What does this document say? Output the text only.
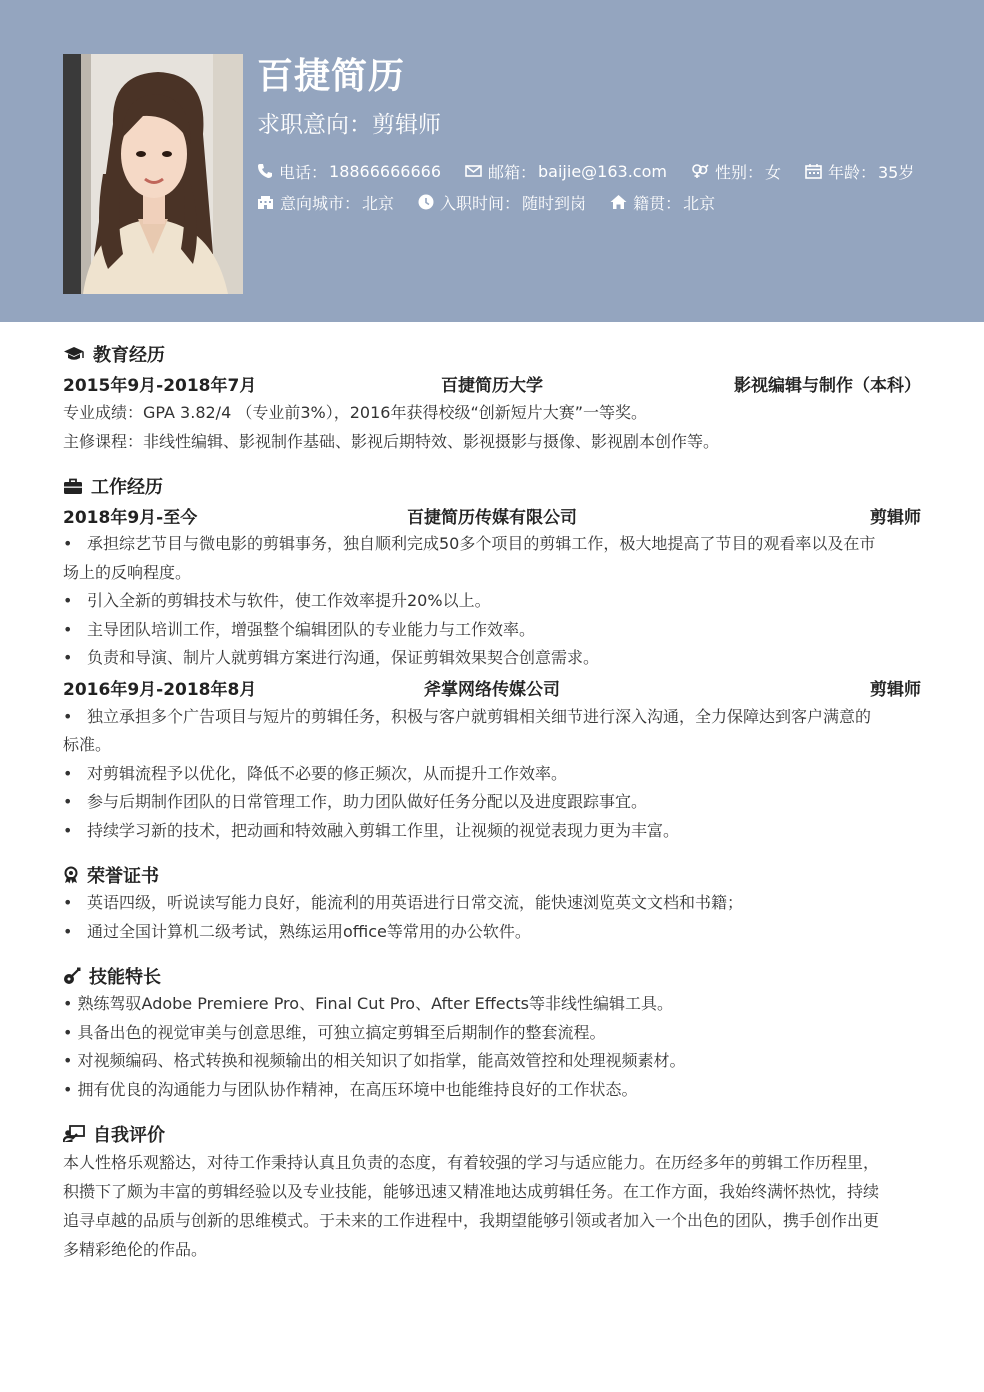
百捷简历
求职意向：剪辑师
电话： 18866666666	邮箱： baijie@163.com	性别： 女	年龄： 35岁
意向城市： 北京	入职时间： 随时到岗	籍贯： 北京
教育经历
2015年9月-2018年7月	百捷简历大学	影视编辑与制作（本科）
专业成绩：GPA 3.82/4 （专业前3%），2016年获得校级“创新短片大赛”一等奖。
主修课程：非线性编辑、影视制作基础、影视后期特效、影视摄影与摄像、影视剧本创作等。
工作经历
2018年9月-至今	百捷简历传媒有限公司	剪辑师
• 承担综艺节目与微电影的剪辑事务，独自顺利完成50多个项目的剪辑工作，极大地提高了节目的观看率以及在市
场上的反响程度。
• 引入全新的剪辑技术与软件，使工作效率提升20%以上。
• 主导团队培训工作，增强整个编辑团队的专业能力与工作效率。
• 负责和导演、制片人就剪辑方案进行沟通，保证剪辑效果契合创意需求。
2016年9月-2018年8月	斧掌网络传媒公司	剪辑师
• 独立承担多个广告项目与短片的剪辑任务，积极与客户就剪辑相关细节进行深入沟通，全力保障达到客户满意的
标准。
• 对剪辑流程予以优化，降低不必要的修正频次，从而提升工作效率。
• 参与后期制作团队的日常管理工作，助力团队做好任务分配以及进度跟踪事宜。
• 持续学习新的技术，把动画和特效融入剪辑工作里，让视频的视觉表现力更为丰富。
荣誉证书
• 英语四级，听说读写能力良好，能流利的用英语进行日常交流，能快速浏览英文文档和书籍；
• 通过全国计算机二级考试，熟练运用office等常用的办公软件。
技能特长
• 熟练驾驭Adobe Premiere Pro、Final Cut Pro、After Effects等非线性编辑工具。
• 具备出色的视觉审美与创意思维，可独立搞定剪辑至后期制作的整套流程。
• 对视频编码、格式转换和视频输出的相关知识了如指掌，能高效管控和处理视频素材。
• 拥有优良的沟通能力与团队协作精神，在高压环境中也能维持良好的工作状态。
自我评价
本人性格乐观豁达，对待工作秉持认真且负责的态度，有着较强的学习与适应能力。在历经多年的剪辑工作历程里，
积攒下了颇为丰富的剪辑经验以及专业技能，能够迅速又精准地达成剪辑任务。在工作方面，我始终满怀热忱，持续
追寻卓越的品质与创新的思维模式。于未来的工作进程中，我期望能够引领或者加入一个出色的团队，携手创作出更
多精彩绝伦的作品。
